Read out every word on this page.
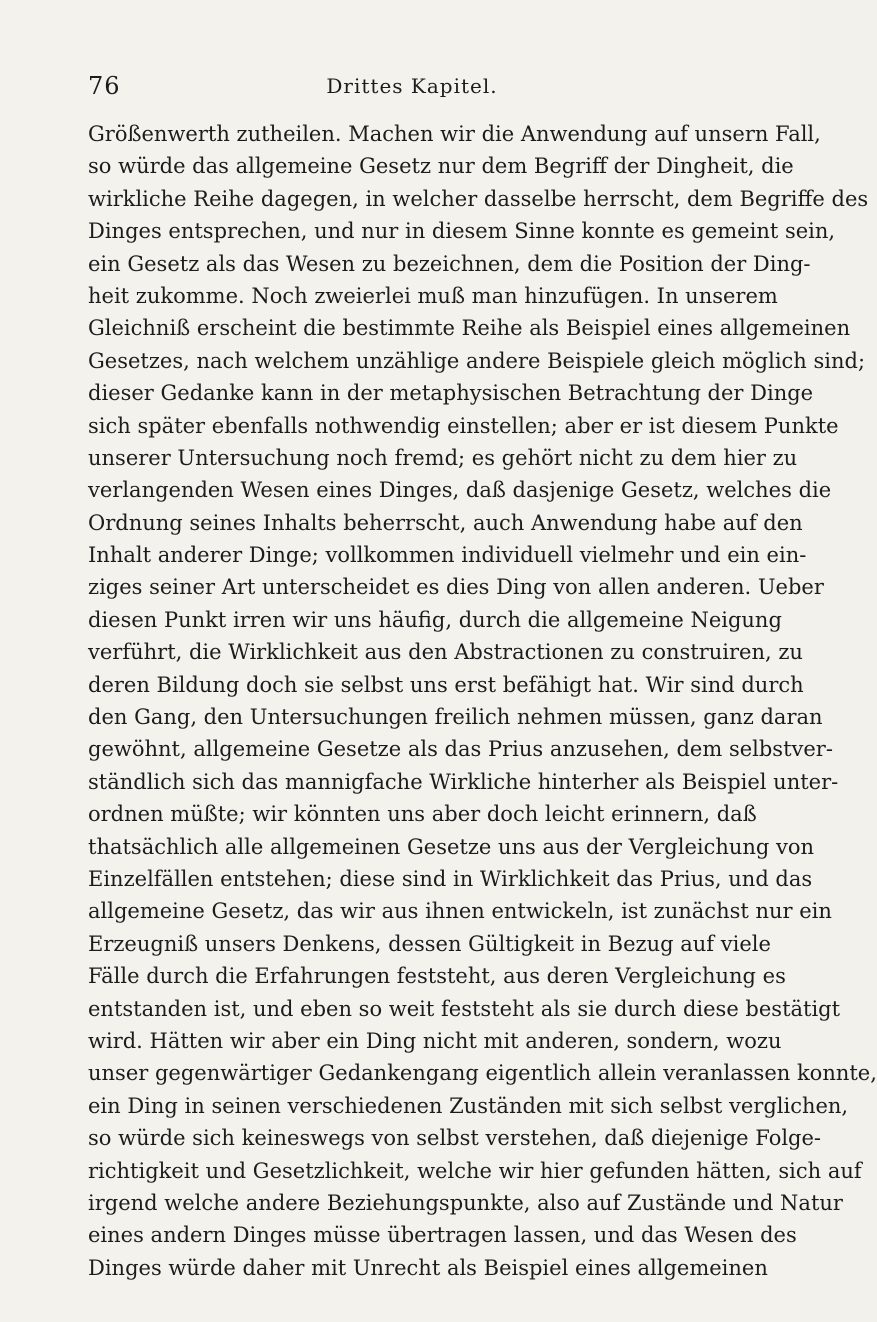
76	Drittes Kapitel.
Größenwerth zutheilen. Machen wir die Anwendung auf unsern Fall,
so würde das allgemeine Gesetz nur dem Begriff der Dingheit, die
wirkliche Reihe dagegen, in welcher dasselbe herrscht, dem Begriffe des
Dinges entsprechen, und nur in diesem Sinne konnte es gemeint sein,
ein Gesetz als das Wesen zu bezeichnen, dem die Position der Ding-
heit zukomme. Noch zweierlei muß man hinzufügen. In unserem
Gleichniß erscheint die bestimmte Reihe als Beispiel eines allgemeinen
Gesetzes, nach welchem unzählige andere Beispiele gleich möglich sind;
dieser Gedanke kann in der metaphysischen Betrachtung der Dinge
sich später ebenfalls nothwendig einstellen; aber er ist diesem Punkte
unserer Untersuchung noch fremd; es gehört nicht zu dem hier zu
verlangenden Wesen eines Dinges, daß dasjenige Gesetz, welches die
Ordnung seines Inhalts beherrscht, auch Anwendung habe auf den
Inhalt anderer Dinge; vollkommen individuell vielmehr und ein ein-
ziges seiner Art unterscheidet es dies Ding von allen anderen. Ueber
diesen Punkt irren wir uns häufig, durch die allgemeine Neigung
verführt, die Wirklichkeit aus den Abstractionen zu construiren, zu
deren Bildung doch sie selbst uns erst befähigt hat. Wir sind durch
den Gang, den Untersuchungen freilich nehmen müssen, ganz daran
gewöhnt, allgemeine Gesetze als das Prius anzusehen, dem selbstver-
ständlich sich das mannigfache Wirkliche hinterher als Beispiel unter-
ordnen müßte; wir könnten uns aber doch leicht erinnern, daß
thatsächlich alle allgemeinen Gesetze uns aus der Vergleichung von
Einzelfällen entstehen; diese sind in Wirklichkeit das Prius, und das
allgemeine Gesetz, das wir aus ihnen entwickeln, ist zunächst nur ein
Erzeugniß unsers Denkens, dessen Gültigkeit in Bezug auf viele
Fälle durch die Erfahrungen feststeht, aus deren Vergleichung es
entstanden ist, und eben so weit feststeht als sie durch diese bestätigt
wird. Hätten wir aber ein Ding nicht mit anderen, sondern, wozu
unser gegenwärtiger Gedankengang eigentlich allein veranlassen konnte,
ein Ding in seinen verschiedenen Zuständen mit sich selbst verglichen,
so würde sich keineswegs von selbst verstehen, daß diejenige Folge-
richtigkeit und Gesetzlichkeit, welche wir hier gefunden hätten, sich auf
irgend welche andere Beziehungspunkte, also auf Zustände und Natur
eines andern Dinges müsse übertragen lassen, und das Wesen des
Dinges würde daher mit Unrecht als Beispiel eines allgemeinen
